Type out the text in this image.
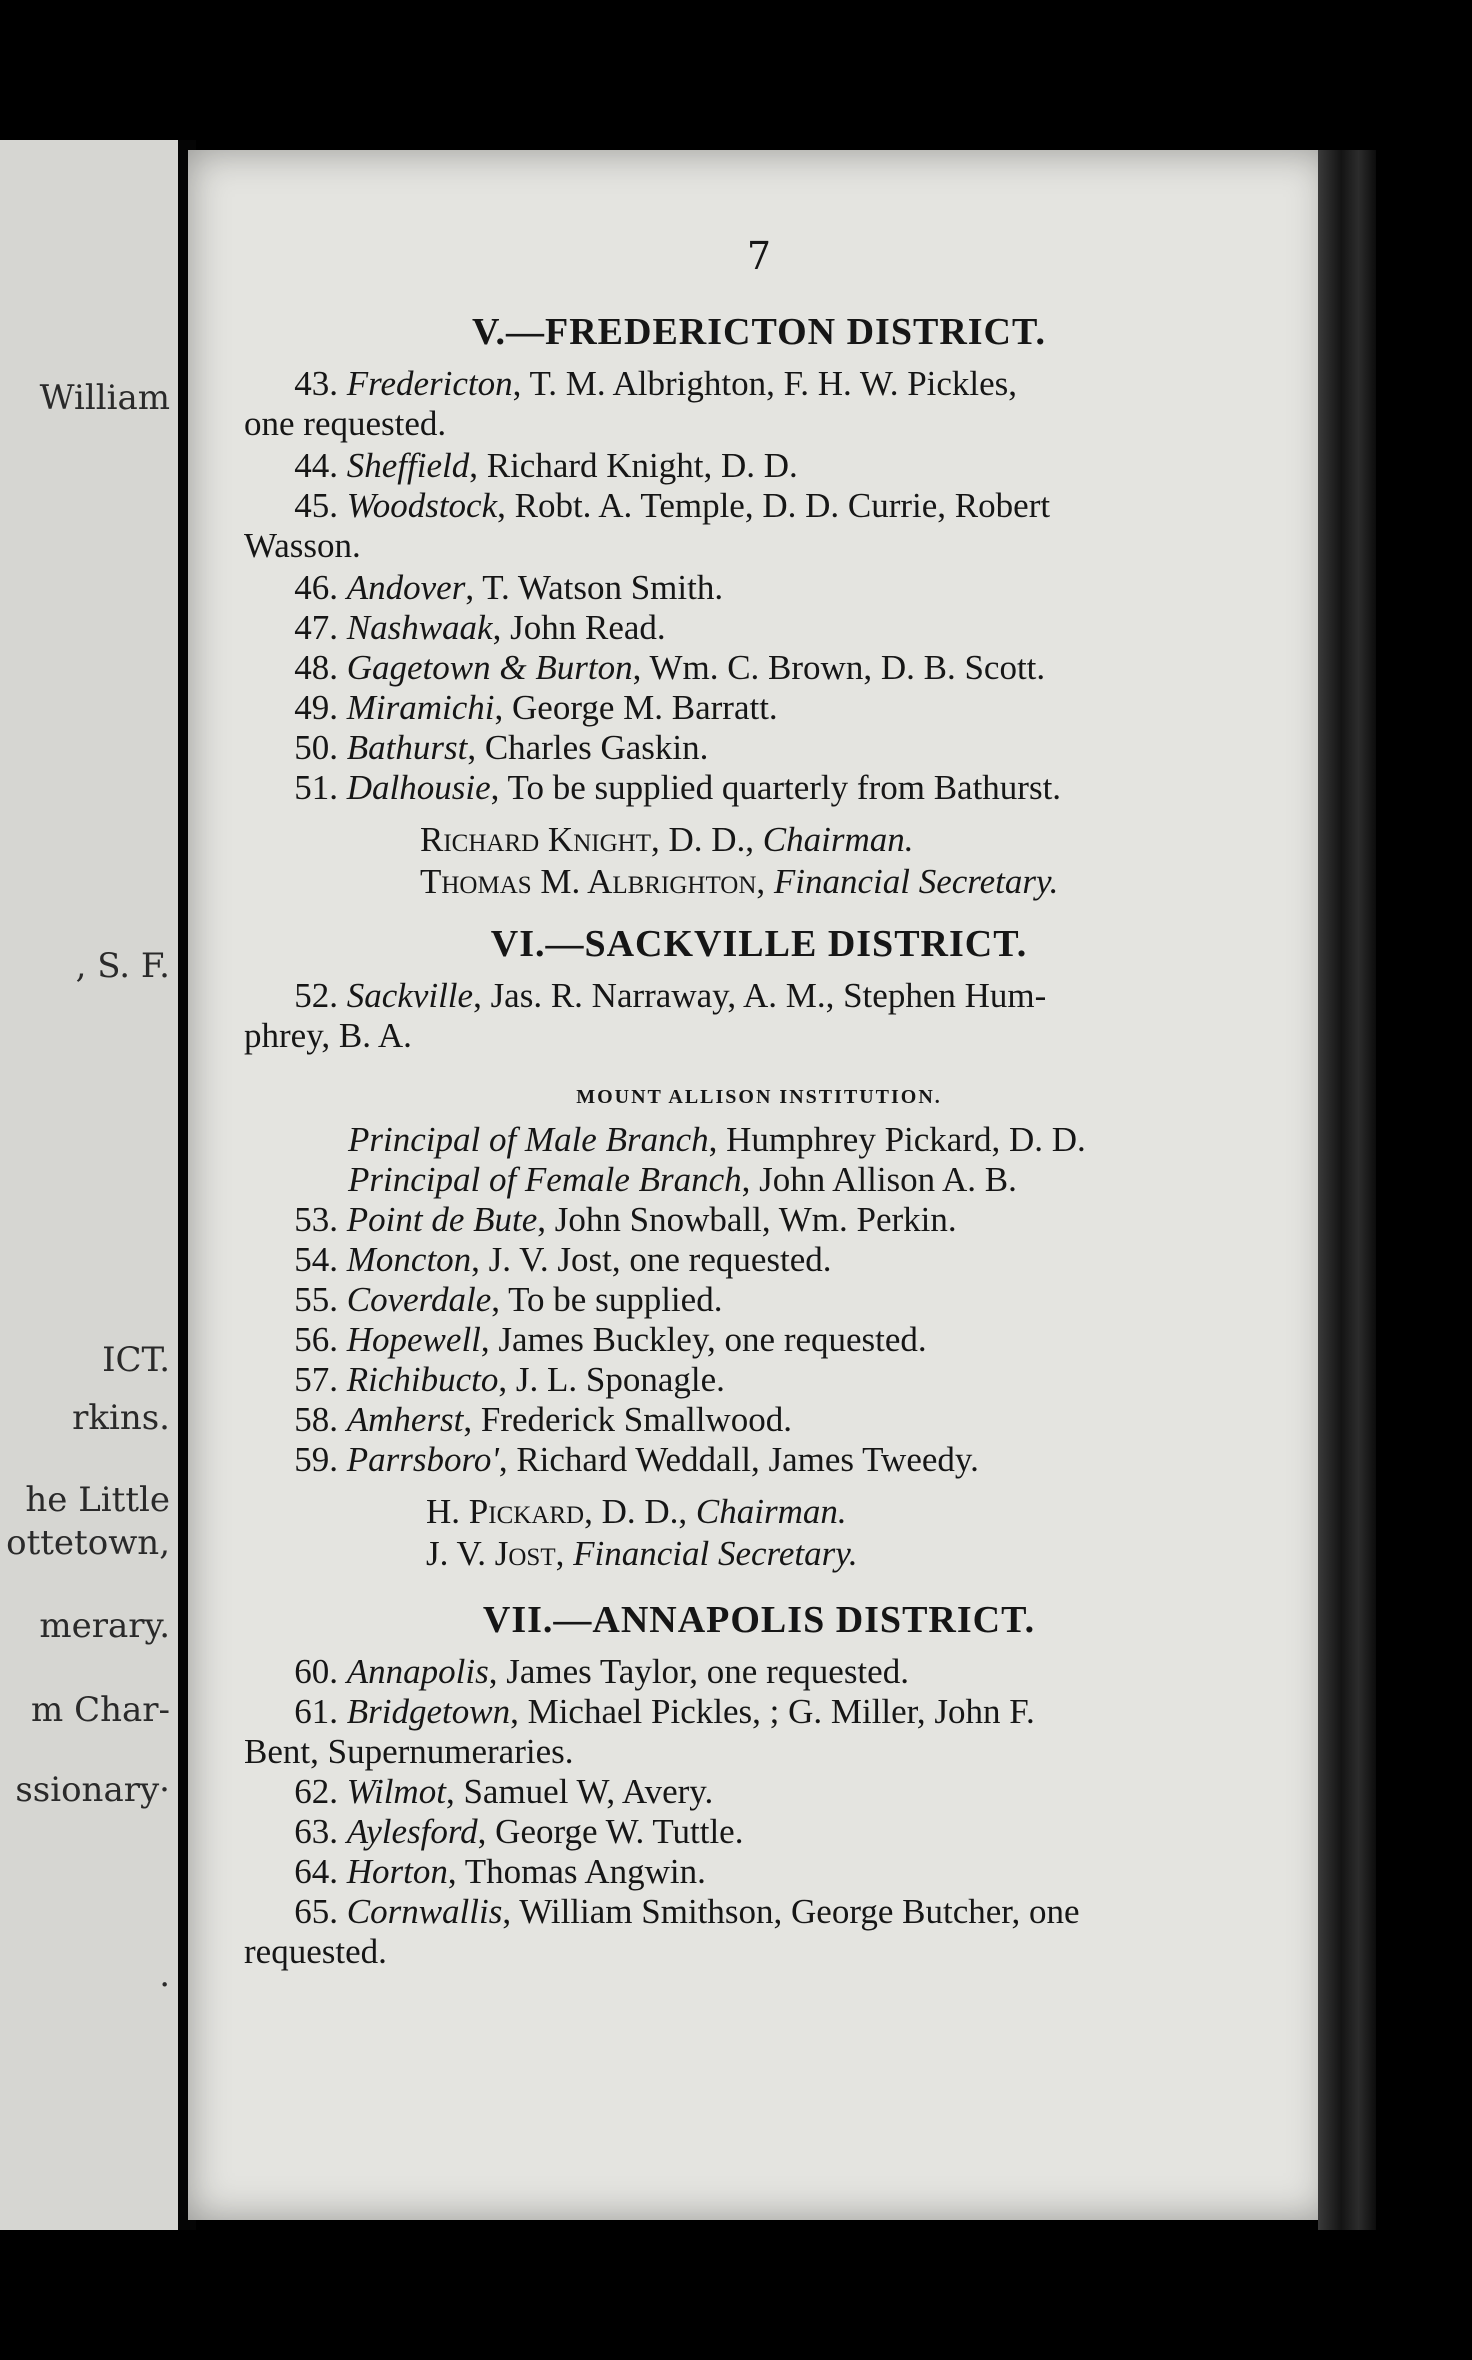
William
, S. F.
ICT.
rkins.
he Little
ottetown,
merary.
m Char-
ssionary·
.
7
V.—FREDERICTON DISTRICT.
43. Fredericton, T. M. Albrighton, F. H. W. Pickles,
one requested.
44. Sheffield, Richard Knight, D. D.
45. Woodstock, Robt. A. Temple, D. D. Currie, Robert
Wasson.
46. Andover, T. Watson Smith.
47. Nashwaak, John Read.
48. Gagetown & Burton, Wm. C. Brown, D. B. Scott.
49. Miramichi, George M. Barratt.
50. Bathurst, Charles Gaskin.
51. Dalhousie, To be supplied quarterly from Bathurst.
Richard Knight, D. D., Chairman.
Thomas M. Albrighton, Financial Secretary.
VI.—SACKVILLE DISTRICT.
52. Sackville, Jas. R. Narraway, A. M., Stephen Hum-
phrey, B. A.
MOUNT ALLISON INSTITUTION.
Principal of Male Branch, Humphrey Pickard, D. D.
Principal of Female Branch, John Allison A. B.
53. Point de Bute, John Snowball, Wm. Perkin.
54. Moncton, J. V. Jost, one requested.
55. Coverdale, To be supplied.
56. Hopewell, James Buckley, one requested.
57. Richibucto, J. L. Sponagle.
58. Amherst, Frederick Smallwood.
59. Parrsboro', Richard Weddall, James Tweedy.
H. Pickard, D. D., Chairman.
J. V. Jost, Financial Secretary.
VII.—ANNAPOLIS DISTRICT.
60. Annapolis, James Taylor, one requested.
61. Bridgetown, Michael Pickles, ; G. Miller, John F.
Bent, Supernumeraries.
62. Wilmot, Samuel W, Avery.
63. Aylesford, George W. Tuttle.
64. Horton, Thomas Angwin.
65. Cornwallis, William Smithson, George Butcher, one
requested.
